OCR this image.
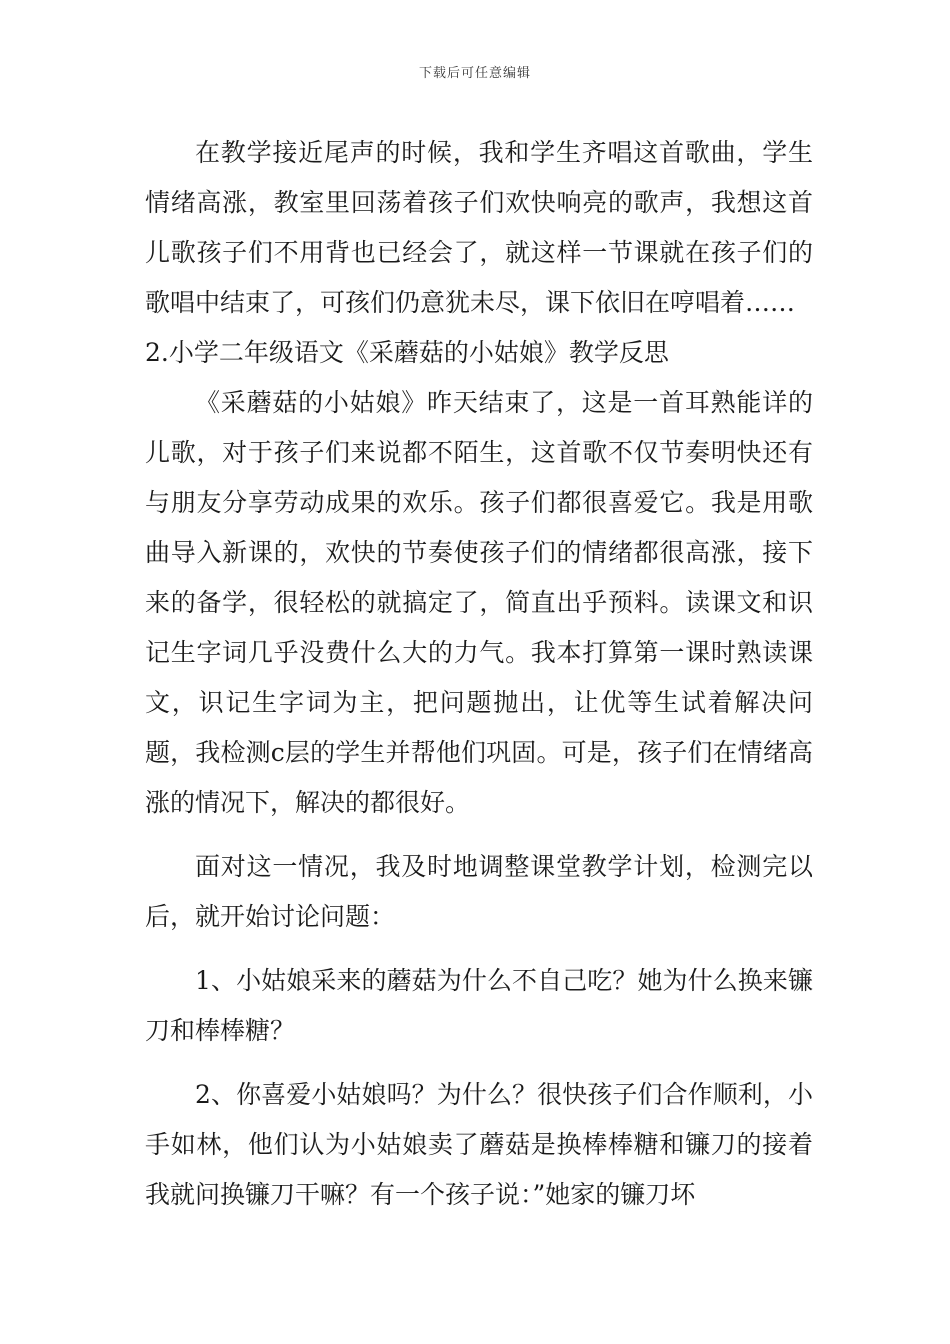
下载后可任意编辑

在教学接近尾声的时候，我和学生齐唱这首歌曲，学生情绪高涨，教室里回荡着孩子们欢快响亮的歌声，我想这首儿歌孩子们不用背也已经会了，就这样一节课就在孩子们的歌唱中结束了，可孩们仍意犹未尽，课下依旧在哼唱着……

2.小学二年级语文《采蘑菇的小姑娘》教学反思

《采蘑菇的小姑娘》昨天结束了，这是一首耳熟能详的儿歌，对于孩子们来说都不陌生，这首歌不仅节奏明快还有与朋友分享劳动成果的欢乐。孩子们都很喜爱它。我是用歌曲导入新课的，欢快的节奏使孩子们的情绪都很高涨，接下来的备学，很轻松的就搞定了，简直出乎预料。读课文和识记生字词几乎没费什么大的力气。我本打算第一课时熟读课文，识记生字词为主，把问题抛出，让优等生试着解决问题，我检测c层的学生并帮他们巩固。可是，孩子们在情绪高涨的情况下，解决的都很好。

面对这一情况，我及时地调整课堂教学计划，检测完以后，就开始讨论问题：

1、小姑娘采来的蘑菇为什么不自己吃？她为什么换来镰刀和棒棒糖？

2、你喜爱小姑娘吗？为什么？很快孩子们合作顺利，小手如林，他们认为小姑娘卖了蘑菇是换棒棒糖和镰刀的接着我就问换镰刀干嘛？有一个孩子说：”她家的镰刀坏
